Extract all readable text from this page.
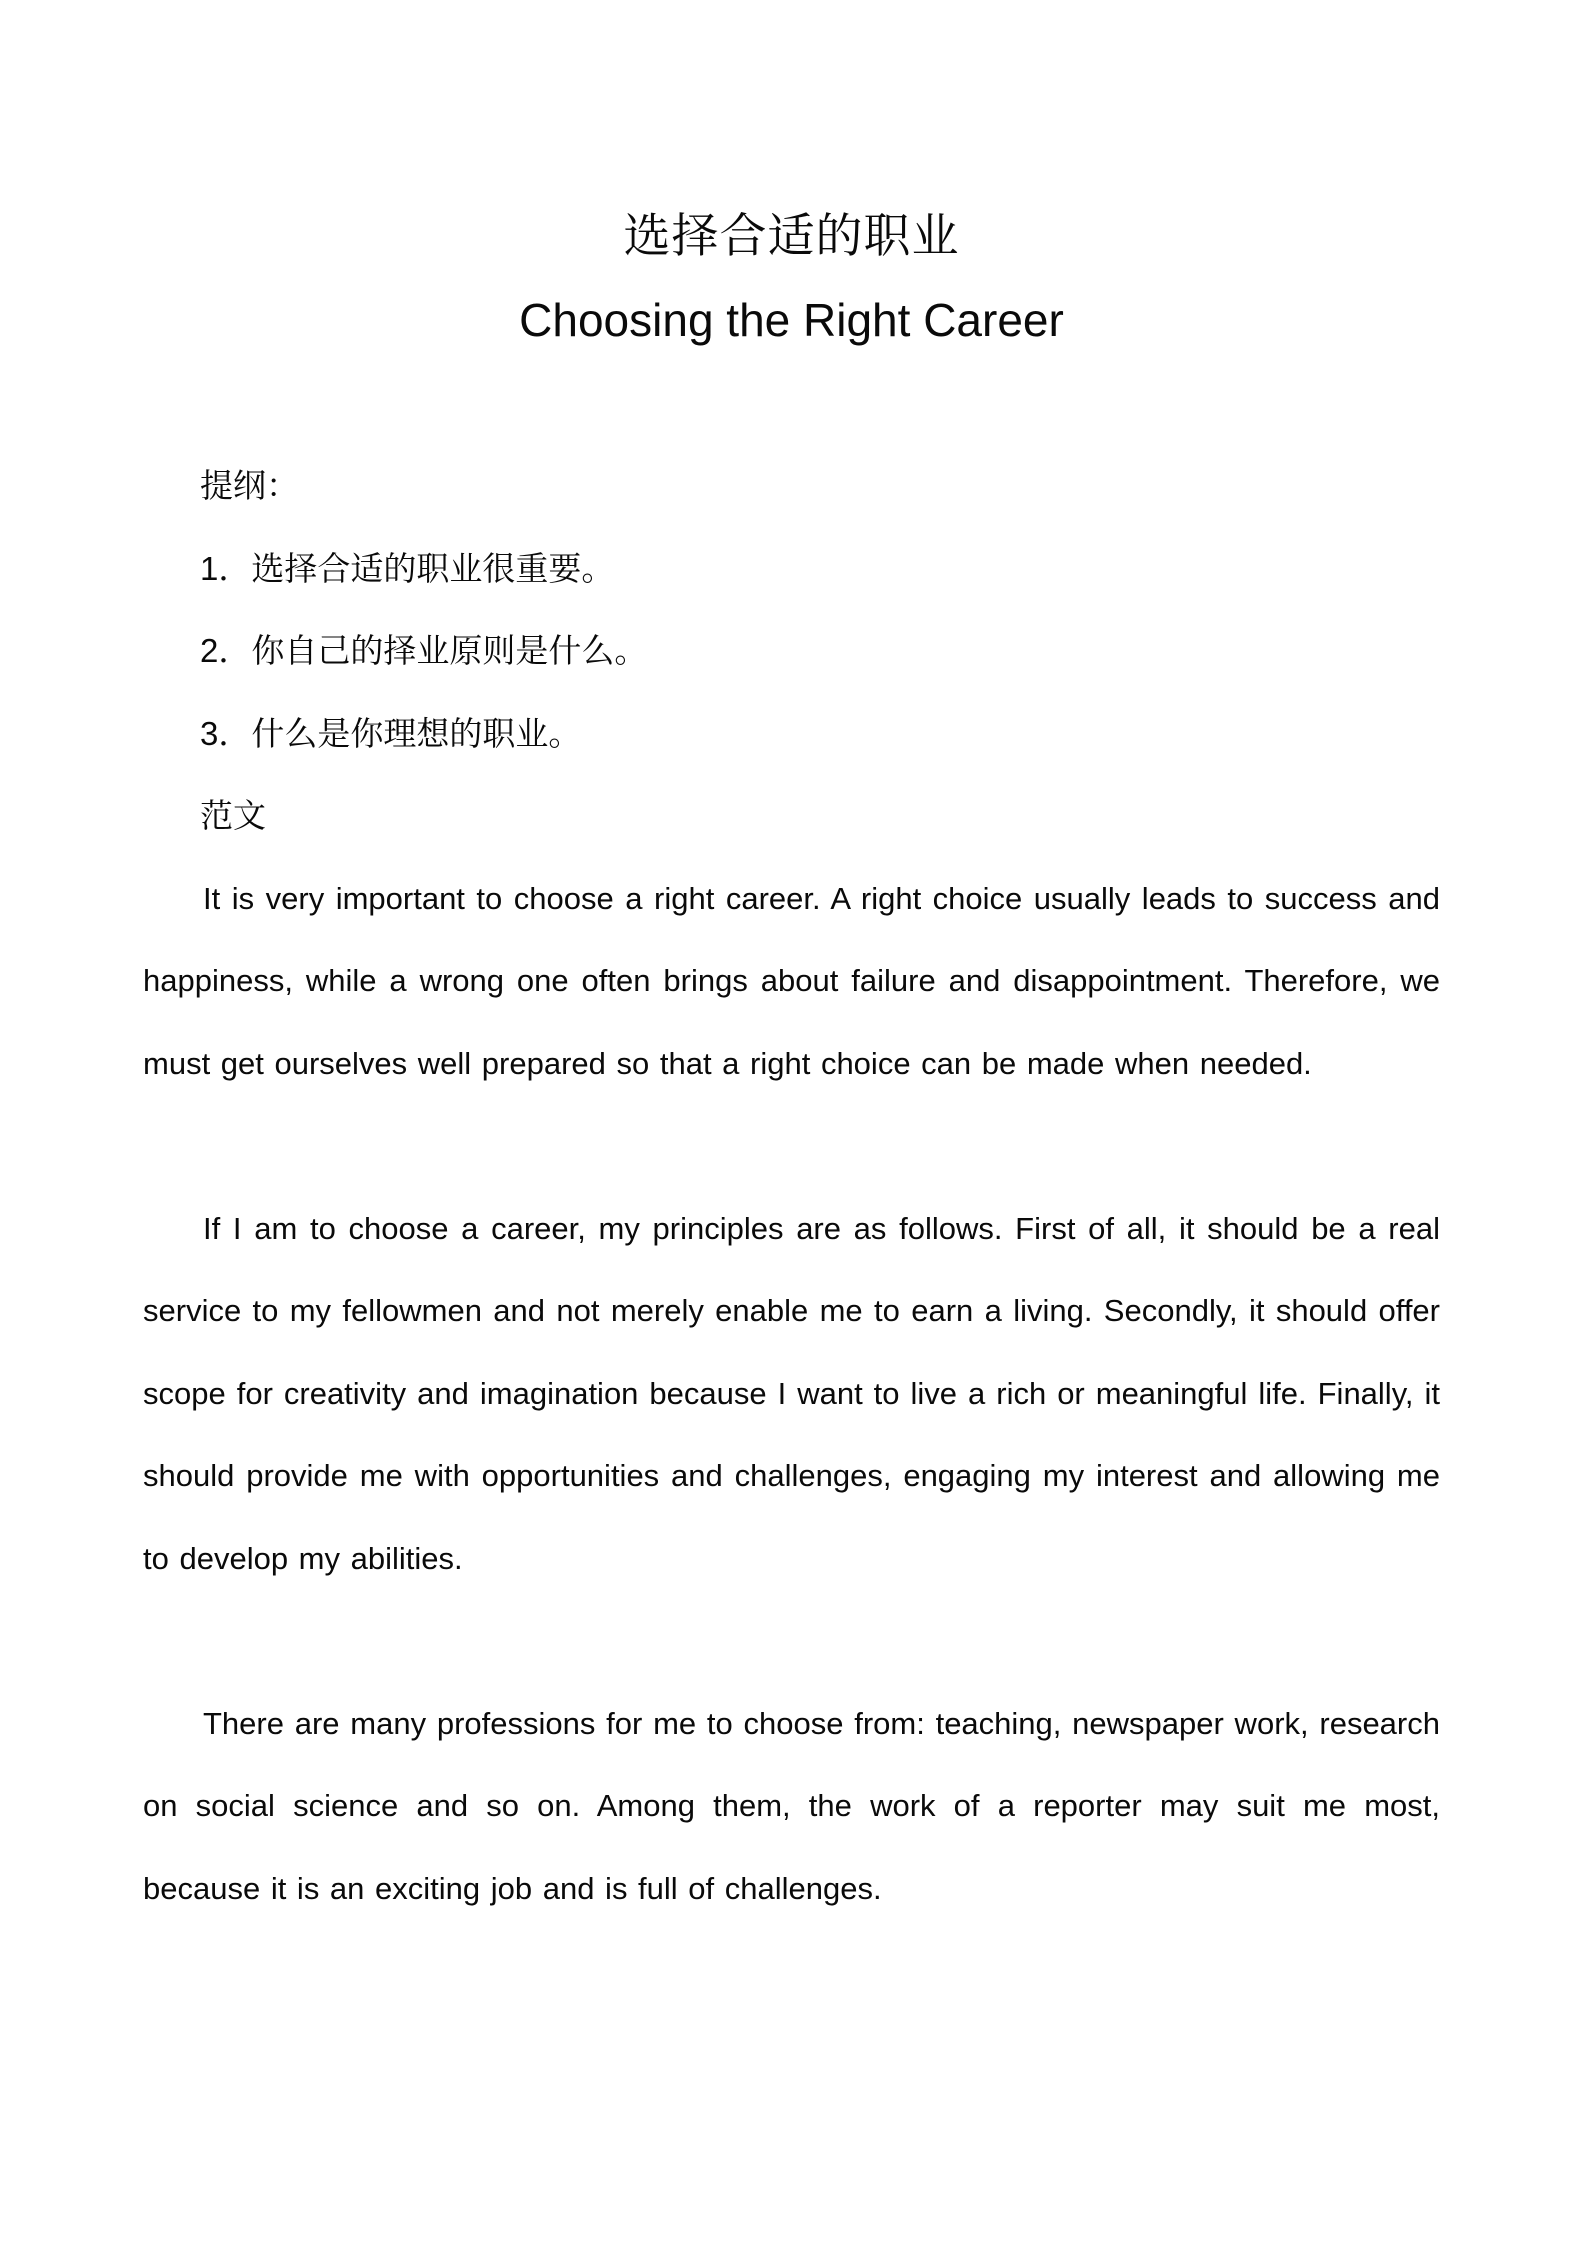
选择合适的职业
Choosing the Right Career
提纲：
1．选择合适的职业很重要。
2．你自己的择业原则是什么。
3．什么是你理想的职业。
范文

It is very important to choose a right career. A right choice usually leads to success and happiness, while a wrong one often brings about failure and disappointment. Therefore, we must get ourselves well prepared so that a right choice can be made when needed.

If I am to choose a career, my principles are as follows. First of all, it should be a real service to my fellowmen and not merely enable me to earn a living. Secondly, it should offer scope for creativity and imagination because I want to live a rich or meaningful life. Finally, it should provide me with opportunities and challenges, engaging my interest and allowing me to develop my abilities.

There are many professions for me to choose from: teaching, newspaper work, research on social science and so on. Among them, the work of a reporter may suit me most, because it is an exciting job and is full of challenges.
